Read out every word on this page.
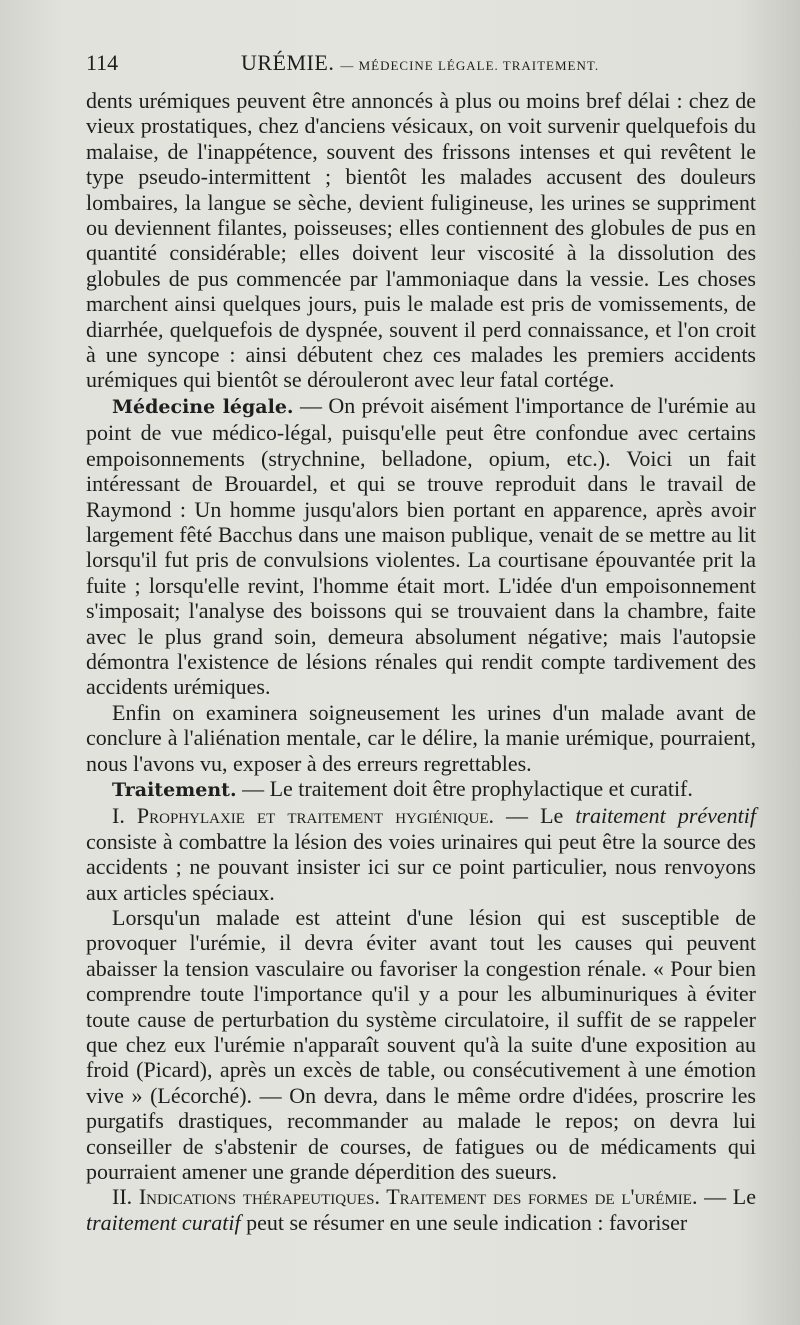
114	URÉMIE. — MÉDECINE LÉGALE. TRAITEMENT.

dents urémiques peuvent être annoncés à plus ou moins bref délai : chez de vieux prostatiques, chez d'anciens vésicaux, on voit survenir quelquefois du malaise, de l'inappétence, souvent des frissons intenses et qui revêtent le type pseudo-intermittent ; bientôt les malades accusent des douleurs lombaires, la langue se sèche, devient fuligineuse, les urines se suppriment ou deviennent filantes, poisseuses; elles contiennent des globules de pus en quantité considérable; elles doivent leur viscosité à la dissolution des globules de pus commencée par l'ammoniaque dans la vessie. Les choses marchent ainsi quelques jours, puis le malade est pris de vomissements, de diarrhée, quelquefois de dyspnée, souvent il perd connaissance, et l'on croit à une syncope : ainsi débutent chez ces malades les premiers accidents urémiques qui bientôt se dérouleront avec leur fatal cortége.

Médecine légale. — On prévoit aisément l'importance de l'urémie au point de vue médico-légal, puisqu'elle peut être confondue avec certains empoisonnements (strychnine, belladone, opium, etc.). Voici un fait intéressant de Brouardel, et qui se trouve reproduit dans le travail de Raymond : Un homme jusqu'alors bien portant en apparence, après avoir largement fêté Bacchus dans une maison publique, venait de se mettre au lit lorsqu'il fut pris de convulsions violentes. La courtisane épouvantée prit la fuite ; lorsqu'elle revint, l'homme était mort. L'idée d'un empoisonnement s'imposait; l'analyse des boissons qui se trouvaient dans la chambre, faite avec le plus grand soin, demeura absolument négative; mais l'autopsie démontra l'existence de lésions rénales qui rendit compte tardivement des accidents urémiques.

Enfin on examinera soigneusement les urines d'un malade avant de conclure à l'aliénation mentale, car le délire, la manie urémique, pourraient, nous l'avons vu, exposer à des erreurs regrettables.

Traitement. — Le traitement doit être prophylactique et curatif.

I. Prophylaxie et traitement hygiénique. — Le traitement préventif consiste à combattre la lésion des voies urinaires qui peut être la source des accidents ; ne pouvant insister ici sur ce point particulier, nous renvoyons aux articles spéciaux.

Lorsqu'un malade est atteint d'une lésion qui est susceptible de provoquer l'urémie, il devra éviter avant tout les causes qui peuvent abaisser la tension vasculaire ou favoriser la congestion rénale. « Pour bien comprendre toute l'importance qu'il y a pour les albuminuriques à éviter toute cause de perturbation du système circulatoire, il suffit de se rappeler que chez eux l'urémie n'apparaît souvent qu'à la suite d'une exposition au froid (Picard), après un excès de table, ou consécutivement à une émotion vive » (Lécorché). — On devra, dans le même ordre d'idées, proscrire les purgatifs drastiques, recommander au malade le repos; on devra lui conseiller de s'abstenir de courses, de fatigues ou de médicaments qui pourraient amener une grande déperdition des sueurs.

II. Indications thérapeutiques. Traitement des formes de l'urémie. — Le traitement curatif peut se résumer en une seule indication : favoriser
